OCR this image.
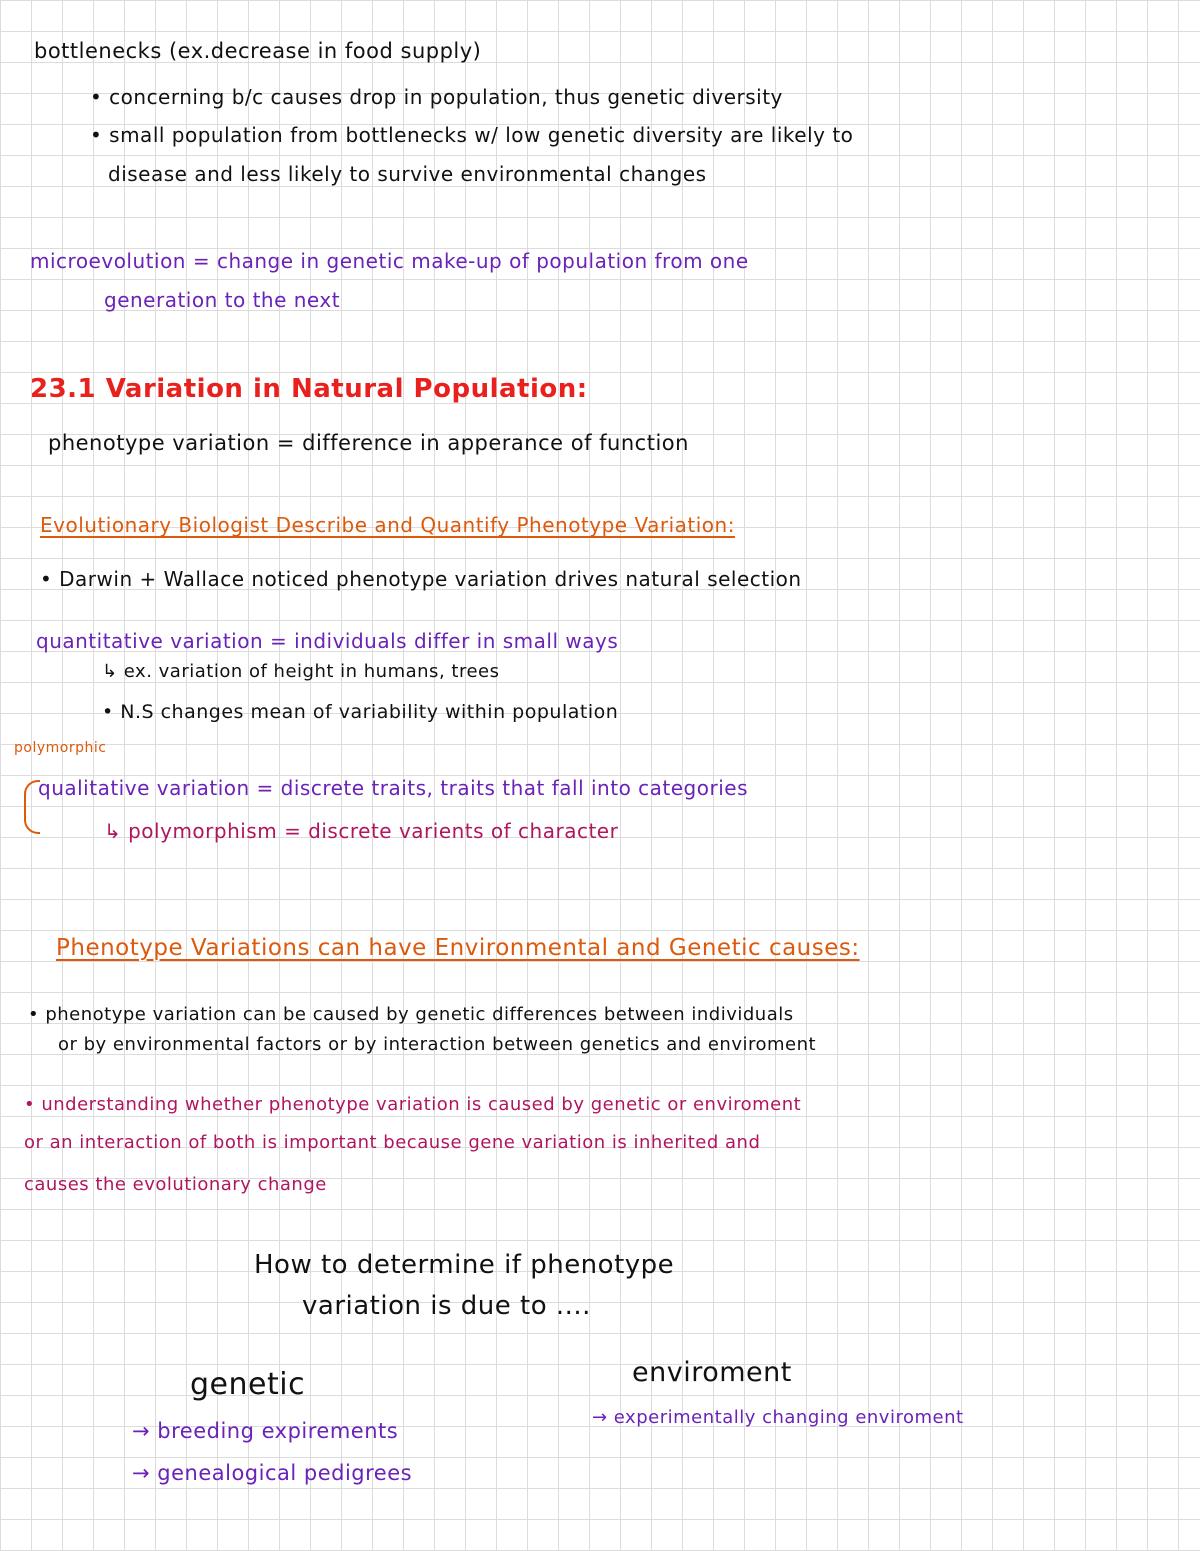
bottlenecks (ex.decrease in food supply)
• concerning b/c causes drop in population, thus genetic diversity
• small population from bottlenecks w/ low genetic diversity are likely to
disease and less likely to survive environmental changes
microevolution = change in genetic make-up of population from one
generation to the next
23.1 Variation in Natural Population:
phenotype variation = difference in apperance of function
Evolutionary Biologist Describe and Quantify Phenotype Variation:
• Darwin + Wallace noticed phenotype variation drives natural selection
quantitative variation = individuals differ in small ways
↳ ex. variation of height in humans, trees
• N.S changes mean of variability within population
polymorphic
qualitative variation = discrete traits, traits that fall into categories
↳ polymorphism = discrete varients of character
Phenotype Variations can have Environmental and Genetic causes:
• phenotype variation can be caused by genetic differences between individuals
or by environmental factors or by interaction between genetics and enviroment
• understanding whether phenotype variation is caused by genetic or enviroment
or an interaction of both is important because gene variation is inherited and
causes the evolutionary change
How to determine if phenotype
variation is due to ....
genetic
→ breeding expirements
→ genealogical pedigrees
enviroment
→ experimentally changing enviroment
